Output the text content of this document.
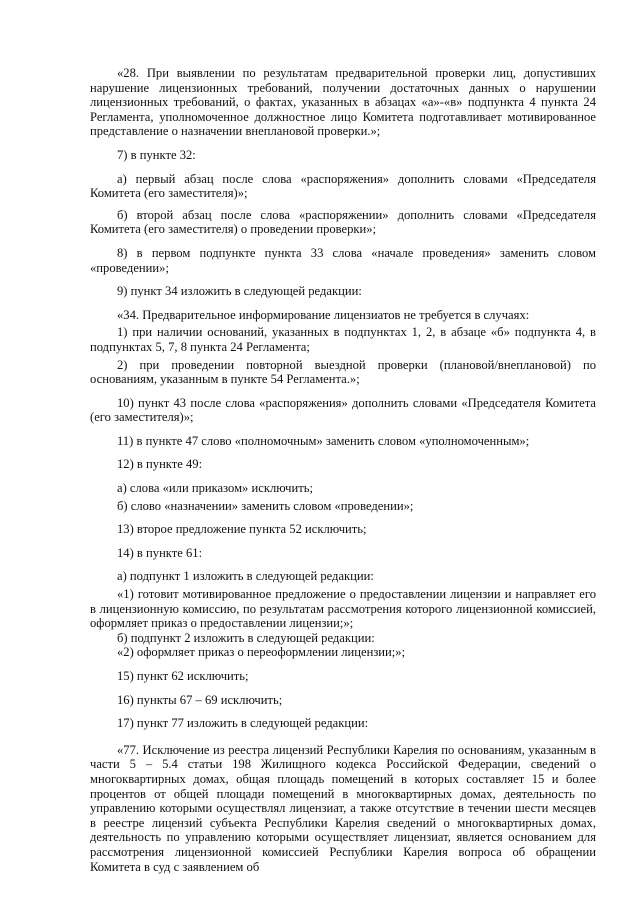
«28. При выявлении по результатам предварительной проверки лиц, допустивших нарушение лицензионных требований, получении достаточных данных о нарушении лицензионных требований, о фактах, указанных в абзацах «а»-«в» подпункта 4 пункта 24 Регламента, уполномоченное должностное лицо Комитета подготавливает мотивированное представление о назначении внеплановой проверки.»;

7) в пункте 32:

а) первый абзац после слова «распоряжения» дополнить словами «Председателя Комитета (его заместителя)»;

б) второй абзац после слова «распоряжении» дополнить словами «Председателя Комитета (его заместителя) о проведении проверки»;

8) в первом подпункте пункта 33 слова «начале проведения» заменить словом «проведении»;

9) пункт 34 изложить в следующей редакции:

«34. Предварительное информирование лицензиатов не требуется в случаях:

1) при наличии оснований, указанных в подпунктах 1, 2, в абзаце «б» подпункта 4, в подпунктах 5, 7, 8 пункта 24 Регламента;

2) при проведении повторной выездной проверки (плановой/внеплановой) по основаниям, указанным в пункте 54 Регламента.»;

10) пункт 43 после слова «распоряжения» дополнить словами «Председателя Комитета (его заместителя)»;

11) в пункте 47 слово «полномочным» заменить словом «уполномоченным»;

12) в пункте 49:

а) слова «или приказом» исключить;

б) слово «назначении» заменить словом «проведении»;

13) второе предложение пункта 52 исключить;

14) в пункте 61:

а) подпункт 1 изложить в следующей редакции:

«1) готовит мотивированное предложение о предоставлении лицензии и направляет его в лицензионную комиссию, по результатам рассмотрения которого лицензионной комиссией, оформляет приказ о предоставлении лицензии;»;

б) подпункт 2 изложить в следующей редакции:

«2) оформляет приказ о переоформлении лицензии;»;

15) пункт 62 исключить;

16) пункты 67 – 69 исключить;

17) пункт 77 изложить в следующей редакции:

«77. Исключение из реестра лицензий Республики Карелия по основаниям, указанным в части 5 – 5.4 статьи 198 Жилищного кодекса Российской Федерации, сведений о многоквартирных домах, общая площадь помещений в которых составляет 15 и более процентов от общей площади помещений в многоквартирных домах, деятельность по управлению которыми осуществлял лицензиат, а также отсутствие в течении шести месяцев в реестре лицензий субъекта Республики Карелия сведений о многоквартирных домах, деятельность по управлению которыми осуществляет лицензиат, является основанием для рассмотрения лицензионной комиссией Республики Карелия вопроса об обращении Комитета в суд с заявлением об
